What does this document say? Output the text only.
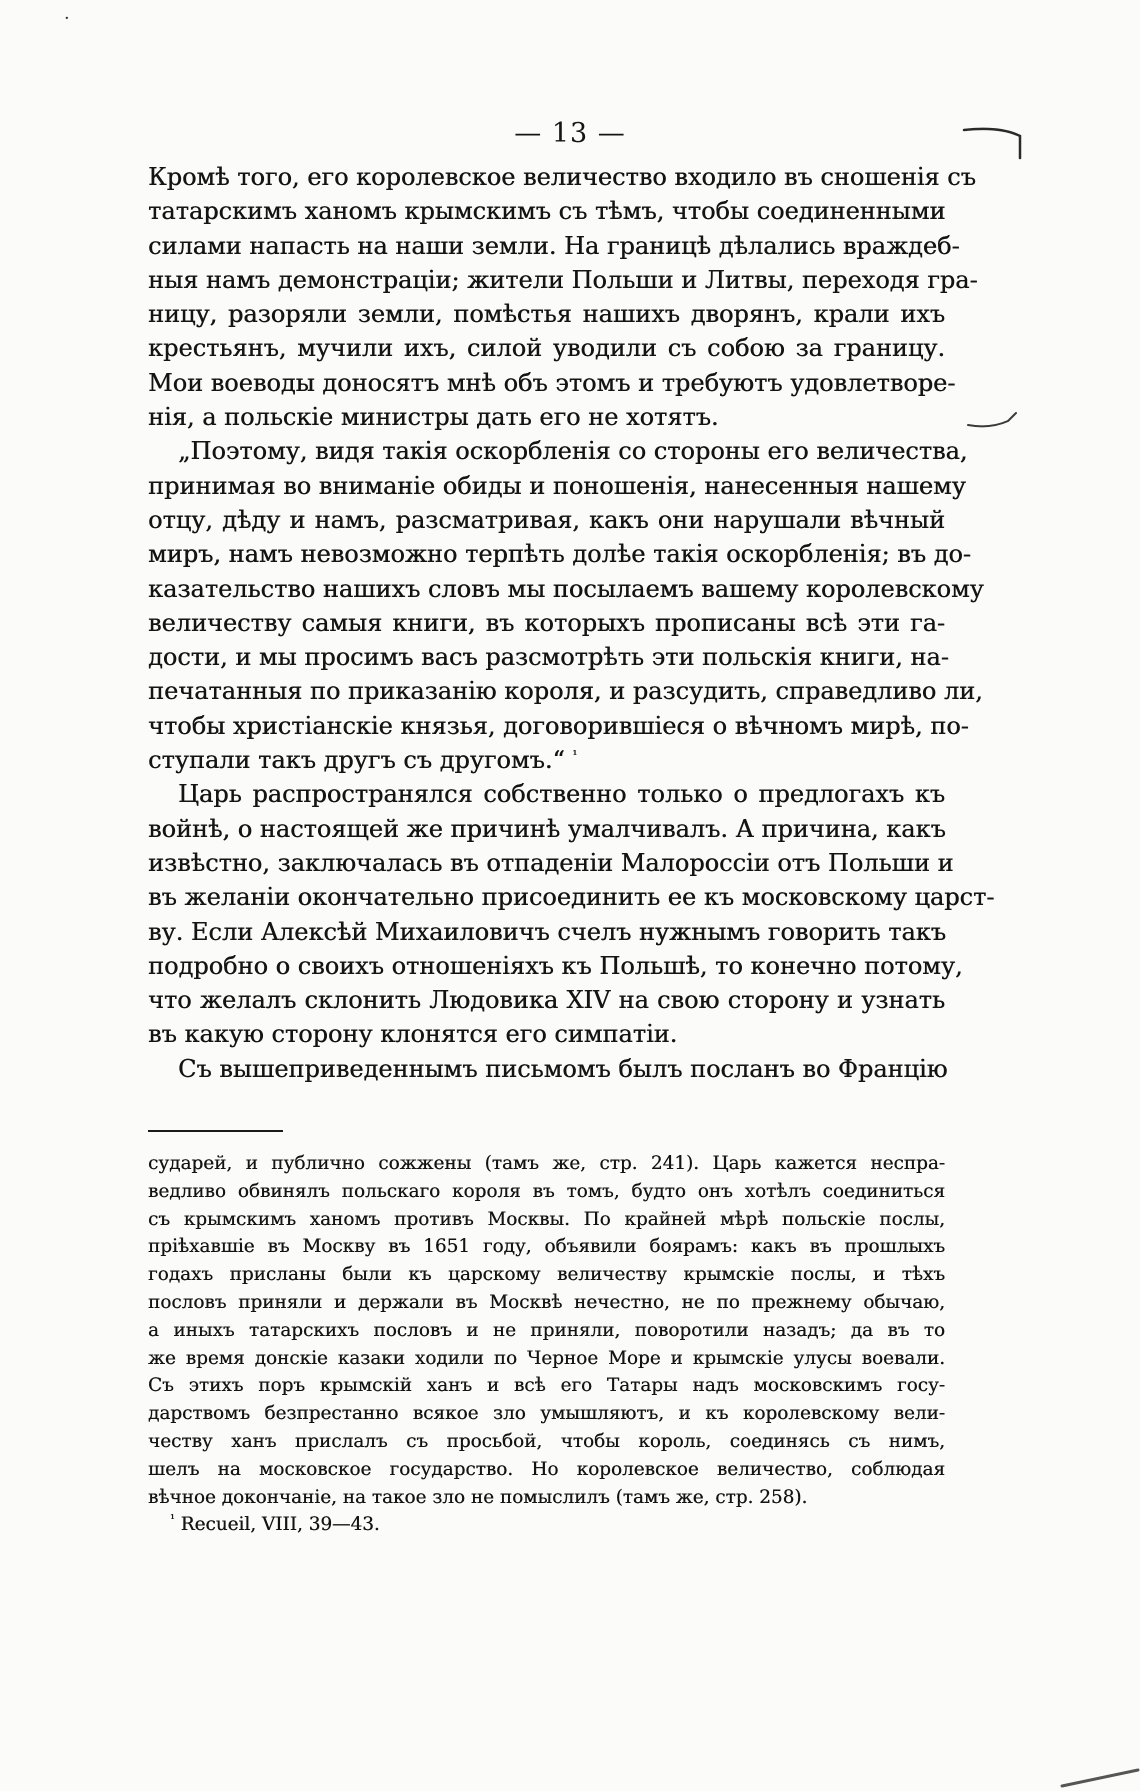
·
— 13 —
Кромѣ того, его королевское величество входило въ сношенія съ
татарскимъ ханомъ крымскимъ съ тѣмъ, чтобы соединенными
силами напасть на наши земли. На границѣ дѣлались враждеб-
ныя намъ демонстраціи; жители Польши и Литвы, переходя гра-
ницу, разоряли земли, помѣстья нашихъ дворянъ, крали ихъ
крестьянъ, мучили ихъ, силой уводили съ собою за границу.
Мои воеводы доносятъ мнѣ объ этомъ и требуютъ удовлетворе-
нія, а польскіе министры дать его не хотятъ.
„Поэтому, видя такія оскорбленія со стороны его величества,
принимая во вниманіе обиды и поношенія, нанесенныя нашему
отцу, дѣду и намъ, разсматривая, какъ они нарушали вѣчный
миръ, намъ невозможно терпѣть долѣе такія оскорбленія; въ до-
казательство нашихъ словъ мы посылаемъ вашему королевскому
величеству самыя книги, въ которыхъ прописаны всѣ эти га-
дости, и мы просимъ васъ разсмотрѣть эти польскія книги, на-
печатанныя по приказанію короля, и разсудить, справедливо ли,
чтобы христіанскіе князья, договорившіеся о вѣчномъ мирѣ, по-
ступали такъ другъ съ другомъ.“ $^{^1}$
Царь распространялся собственно только о предлогахъ къ
войнѣ, о настоящей же причинѣ умалчивалъ. А причина, какъ
извѣстно, заключалась въ отпаденіи Малороссіи отъ Польши и
въ желаніи окончательно присоединить ее къ московскому царст-
ву. Если Алексѣй Михаиловичъ счелъ нужнымъ говорить такъ
подробно о своихъ отношеніяхъ къ Польшѣ, то конечно потому,
что желалъ склонить Людовика XIV на свою сторону и узнать
въ какую сторону клонятся его симпатіи.
Съ вышеприведеннымъ письмомъ былъ посланъ во Францію
сударей, и публично сожжены (тамъ же, стр. 241). Царь кажется неспра-
ведливо обвинялъ польскаго короля въ томъ, будто онъ хотѣлъ соединиться
съ крымскимъ ханомъ противъ Москвы. По крайней мѣрѣ польскіе послы,
пріѣхавшіе въ Москву въ 1651 году, объявили боярамъ: какъ въ прошлыхъ
годахъ присланы были къ царскому величеству крымскіе послы, и тѣхъ
пословъ приняли и держали въ Москвѣ нечестно, не по прежнему обычаю,
а иныхъ татарскихъ пословъ и не приняли, поворотили назадъ; да въ то
же время донскіе казаки ходили по Черное Море и крымскіе улусы воевали.
Съ этихъ поръ крымскій ханъ и всѣ его Татары надъ московскимъ госу-
дарствомъ безпрестанно всякое зло умышляютъ, и къ королевскому вели-
честву ханъ прислалъ съ просьбой, чтобы король, соединясь съ нимъ,
шелъ на московское государство. Но королевское величество, соблюдая
вѣчное докончаніе, на такое зло не помыслилъ (тамъ же, стр. 258).
$^{^1}$ Recueil, VIII, 39—43.
